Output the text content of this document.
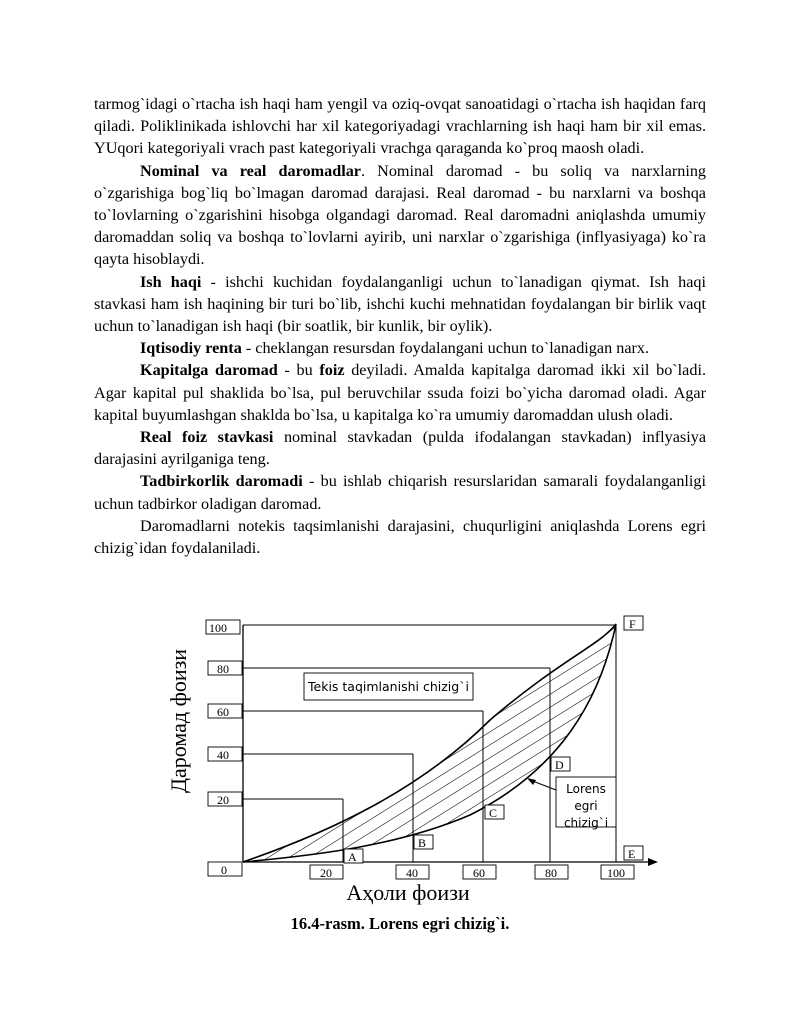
tarmog`idagi o`rtacha ish haqi ham yengil va oziq-ovqat sanoatidagi o`rtacha ish haqidan farq qiladi. Poliklinikada ishlovchi har xil kategoriyadagi vrachlarning ish haqi ham bir xil emas. YUqori kategoriyali vrach past kategoriyali vrachga qaraganda ko`proq maosh oladi.

Nominal va real daromadlar. Nominal daromad - bu soliq va narxlarning o`zgarishiga bog`liq bo`lmagan daromad darajasi. Real daromad - bu narxlarni va boshqa to`lovlarning o`zgarishini hisobga olgandagi daromad. Real daromadni aniqlashda umumiy daromaddan soliq va boshqa to`lovlarni ayirib, uni narxlar o`zgarishiga (inflyasiyaga) ko`ra qayta hisoblaydi.

Ish haqi - ishchi kuchidan foydalanganligi uchun to`lanadigan qiymat. Ish haqi stavkasi ham ish haqining bir turi bo`lib, ishchi kuchi mehnatidan foydalangan bir birlik vaqt uchun to`lanadigan ish haqi (bir soatlik, bir kunlik, bir oylik).

Iqtisodiy renta - cheklangan resursdan foydalangani uchun to`lanadigan narx.

Kapitalga daromad - bu foiz deyiladi. Amalda kapitalga daromad ikki xil bo`ladi. Agar kapital pul shaklida bo`lsa, pul beruvchilar ssuda foizi bo`yicha daromad oladi. Agar kapital buyumlashgan shaklda bo`lsa, u kapitalga ko`ra umumiy daromaddan ulush oladi.

Real foiz stavkasi nominal stavkadan (pulda ifodalangan stavkadan) inflyasiya darajasini ayrilganiga teng.

Tadbirkorlik daromadi - bu ishlab chiqarish resurslaridan samarali foydalanganligi uchun tadbirkor oladigan daromad.

Daromadlarni notekis taqsimlanishi darajasini, chuqurligini aniqlashda Lorens egri chizig`idan foydalaniladi.

100
80
60
40
20
0	20	40	60	80	100
A
B
C
D
E
F
Tekis taqimlanishi chizig`i
Lorens
egri
chizig`i
Даромад фоизи
Аҳоли фоизи
16.4-rasm. Lorens egri chizig`i.
